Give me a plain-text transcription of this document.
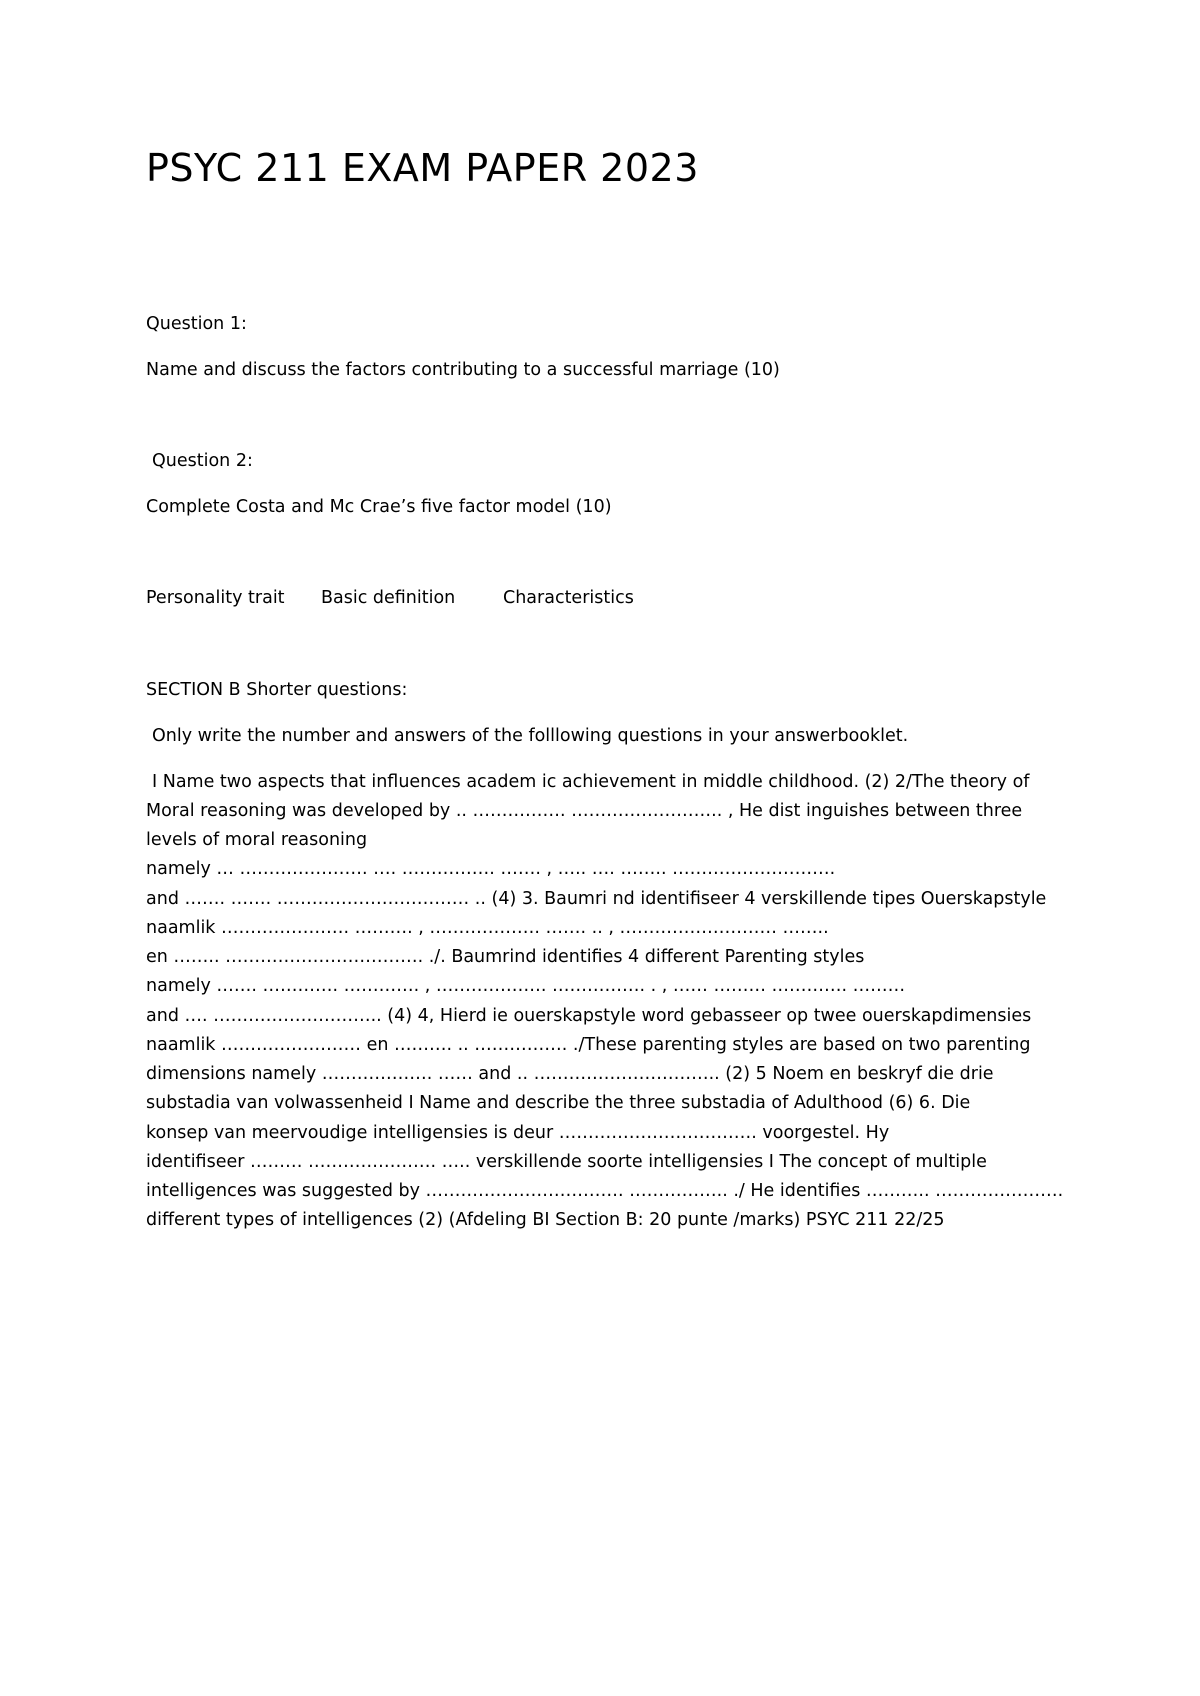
PSYC 211 EXAM PAPER 2023

Question 1:

Name and discuss the factors contributing to a successful marriage (10)

Question 2:

Complete Costa and Mc Crae’s five factor model (10)

Personality trait Basic definition	Characteristics

SECTION B Shorter questions:

Only write the number and answers of the folllowing questions in your answerbooklet.

I Name two aspects that influences academ ic achievement in middle childhood. (2) 2/The theory of

Moral reasoning was developed by .. ……………. …………………….. , He dist inguishes between three

levels of moral reasoning

namely … …………………. …. ……………. ……. , ….. …. …….. ……………………….

and ……. ……. …………………………… .. (4) 3. Baumri nd identifiseer 4 verskillende tipes Ouerskapstyle

naamlik …………………. ………. , ………………. ……. .. , ……………………… ……..

en …….. ……………………………. ./. Baumrind identifies 4 different Parenting styles

namely ……. …………. …………. , ………………. ……………. . , …… ……… …………. ………

and …. ……………………….. (4) 4, Hierd ie ouerskapstyle word gebasseer op twee ouerskapdimensies

naamlik …………………… en ………. .. ……………. ./These parenting styles are based on two parenting

dimensions namely ………………. …… and .. ………………………….. (2) 5 Noem en beskryf die drie

substadia van volwassenheid I Name and describe the three substadia of Adulthood (6) 6. Die

konsep van meervoudige intelligensies is deur ……………………………. voorgestel. Hy

identifiseer ……… …………………. ….. verskillende soorte intelligensies I The concept of multiple

intelligences was suggested by ……………………………. …………….. ./ He identifies ……….. ………………….

different types of intelligences (2) (Afdeling BI Section B: 20 punte /marks) PSYC 211 22/25
